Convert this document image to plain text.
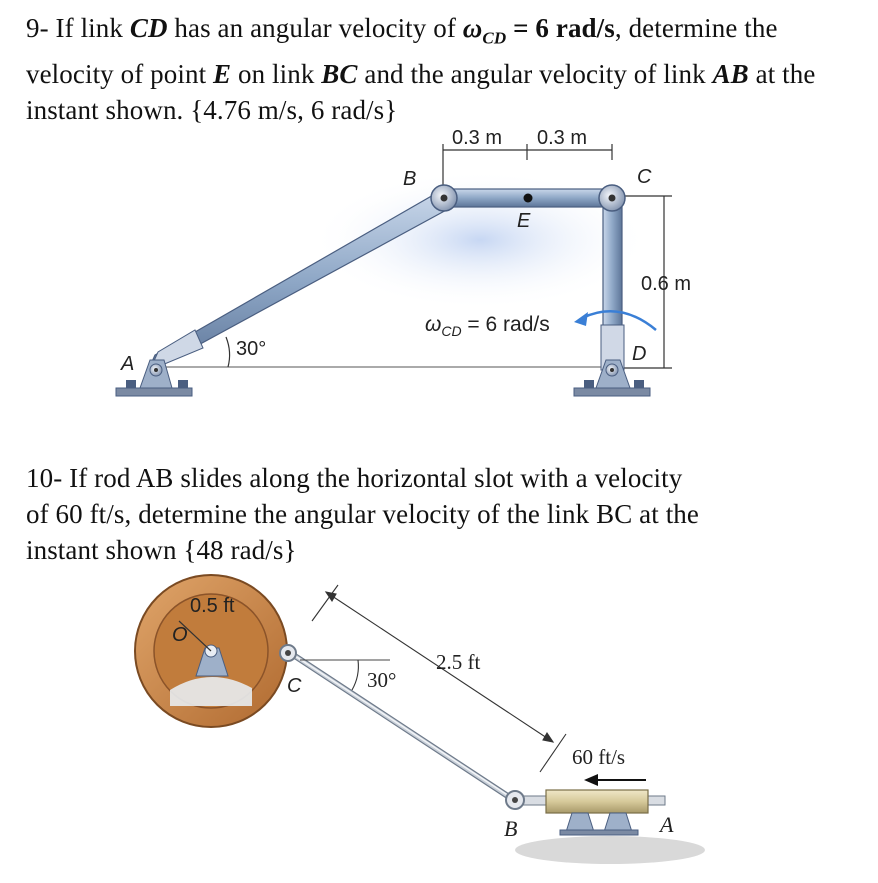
9- If link CD has an angular velocity of $\omega_{CD} = 6$ rad/s, determine the velocity of point E on link BC and the angular velocity of link AB at the instant shown. {4.76 m/s, 6 rad/s}
0.3 m 0.3 m
B	C
E
0.6 m
A	D
30°
$\omega_{CD} = 6$ rad/s
10- If rod AB slides along the horizontal slot with a velocity
of 60 ft/s, determine the angular velocity of the link BC at the
instant shown {48 rad/s}
0.5 ft
O
C	30°
2.5 ft
60 ft/s
B	A
